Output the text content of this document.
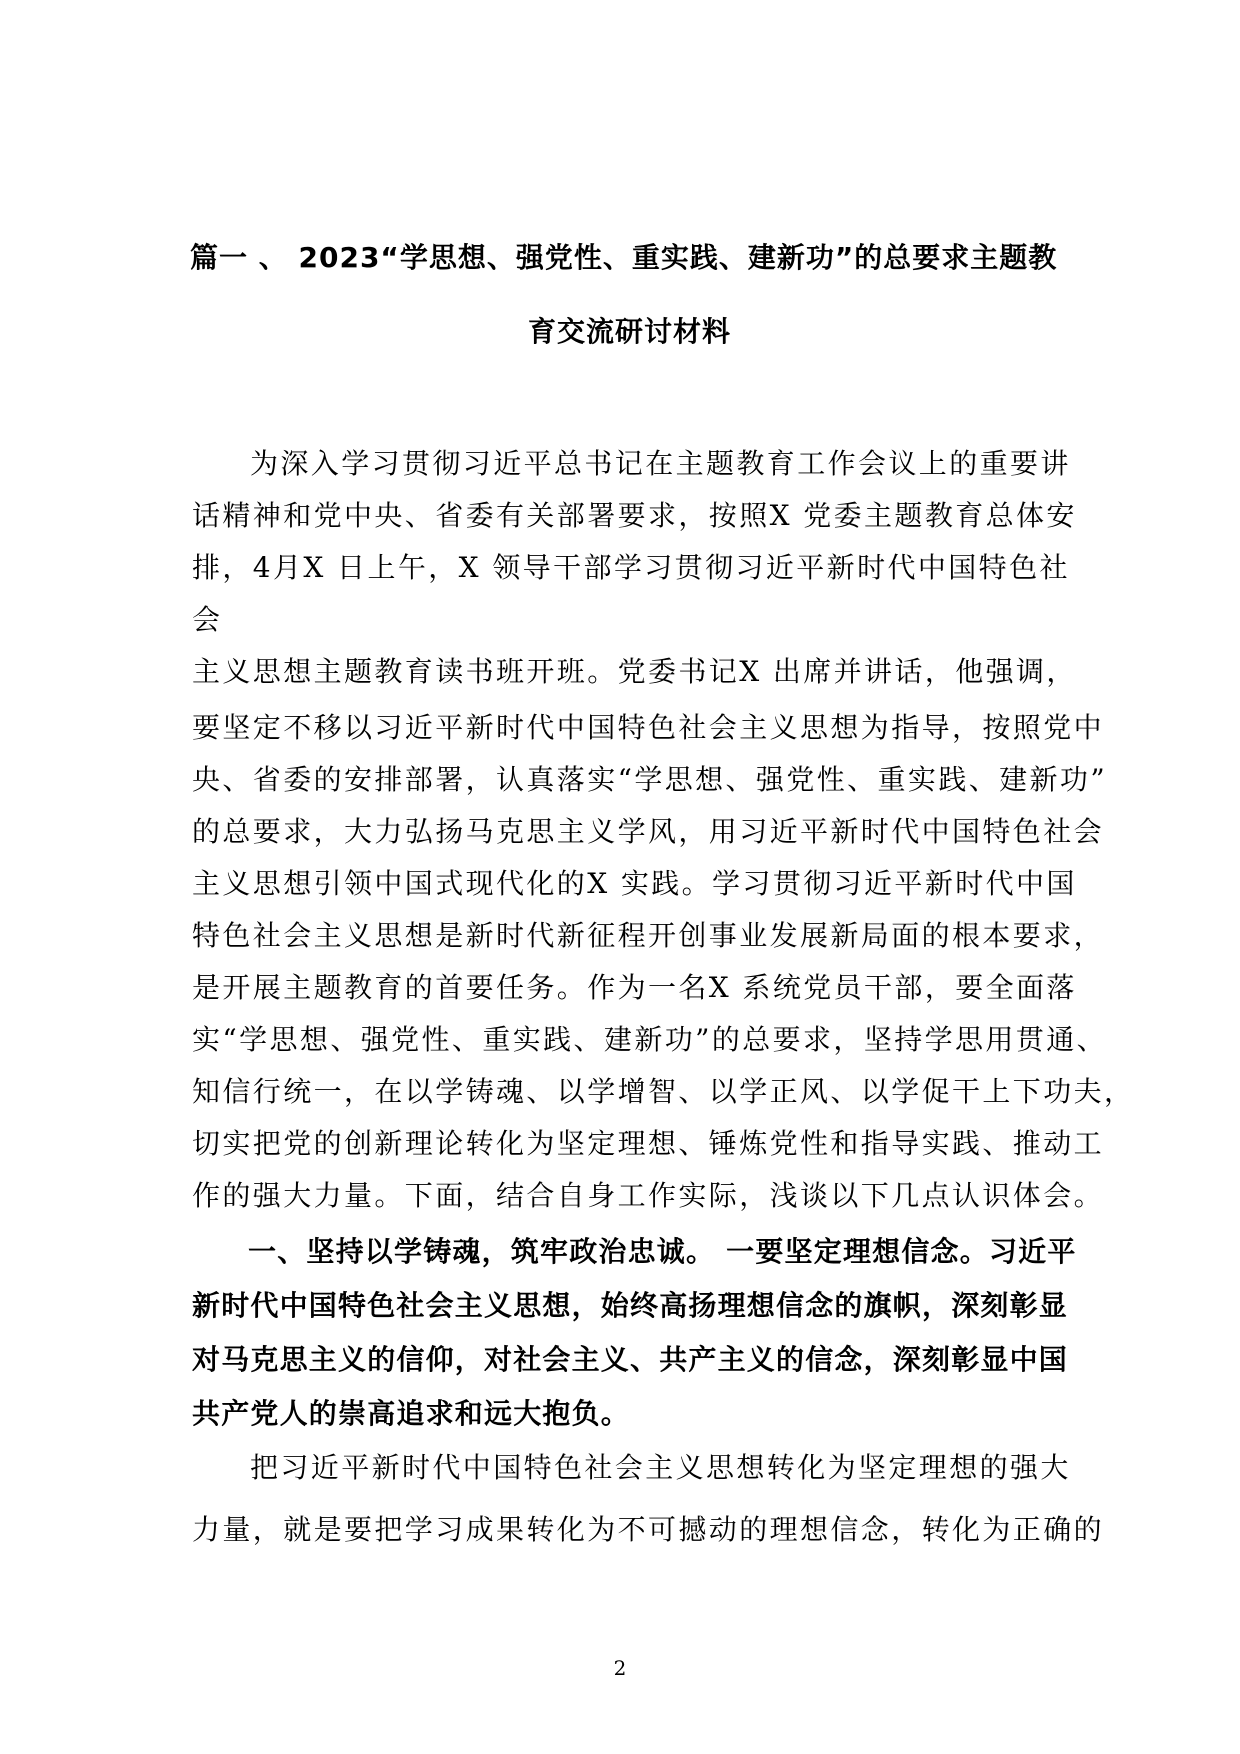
篇一 、 2023“学思想、强党性、重实践、建新功”的总要求主题教
育交流研讨材料
为深入学习贯彻习近平总书记在主题教育工作会议上的重要讲
话精神和党中央、省委有关部署要求，按照X 党委主题教育总体安
排，4月X 日上午，X 领导干部学习贯彻习近平新时代中国特色社
会
主义思想主题教育读书班开班。党委书记X 出席并讲话，他强调，
要坚定不移以习近平新时代中国特色社会主义思想为指导，按照党中
央、省委的安排部署，认真落实“学思想、强党性、重实践、建新功”
的总要求，大力弘扬马克思主义学风，用习近平新时代中国特色社会
主义思想引领中国式现代化的X 实践。学习贯彻习近平新时代中国
特色社会主义思想是新时代新征程开创事业发展新局面的根本要求，
是开展主题教育的首要任务。作为一名X 系统党员干部，要全面落
实“学思想、强党性、重实践、建新功”的总要求，坚持学思用贯通、
知信行统一，在以学铸魂、以学增智、以学正风、以学促干上下功夫，
切实把党的创新理论转化为坚定理想、锤炼党性和指导实践、推动工
作的强大力量。下面，结合自身工作实际，浅谈以下几点认识体会。
一、坚持以学铸魂，筑牢政治忠诚。 一要坚定理想信念。习近平
新时代中国特色社会主义思想，始终高扬理想信念的旗帜，深刻彰显
对马克思主义的信仰，对社会主义、共产主义的信念，深刻彰显中国
共产党人的崇高追求和远大抱负。
把习近平新时代中国特色社会主义思想转化为坚定理想的强大
力量，就是要把学习成果转化为不可撼动的理想信念，转化为正确的
2
